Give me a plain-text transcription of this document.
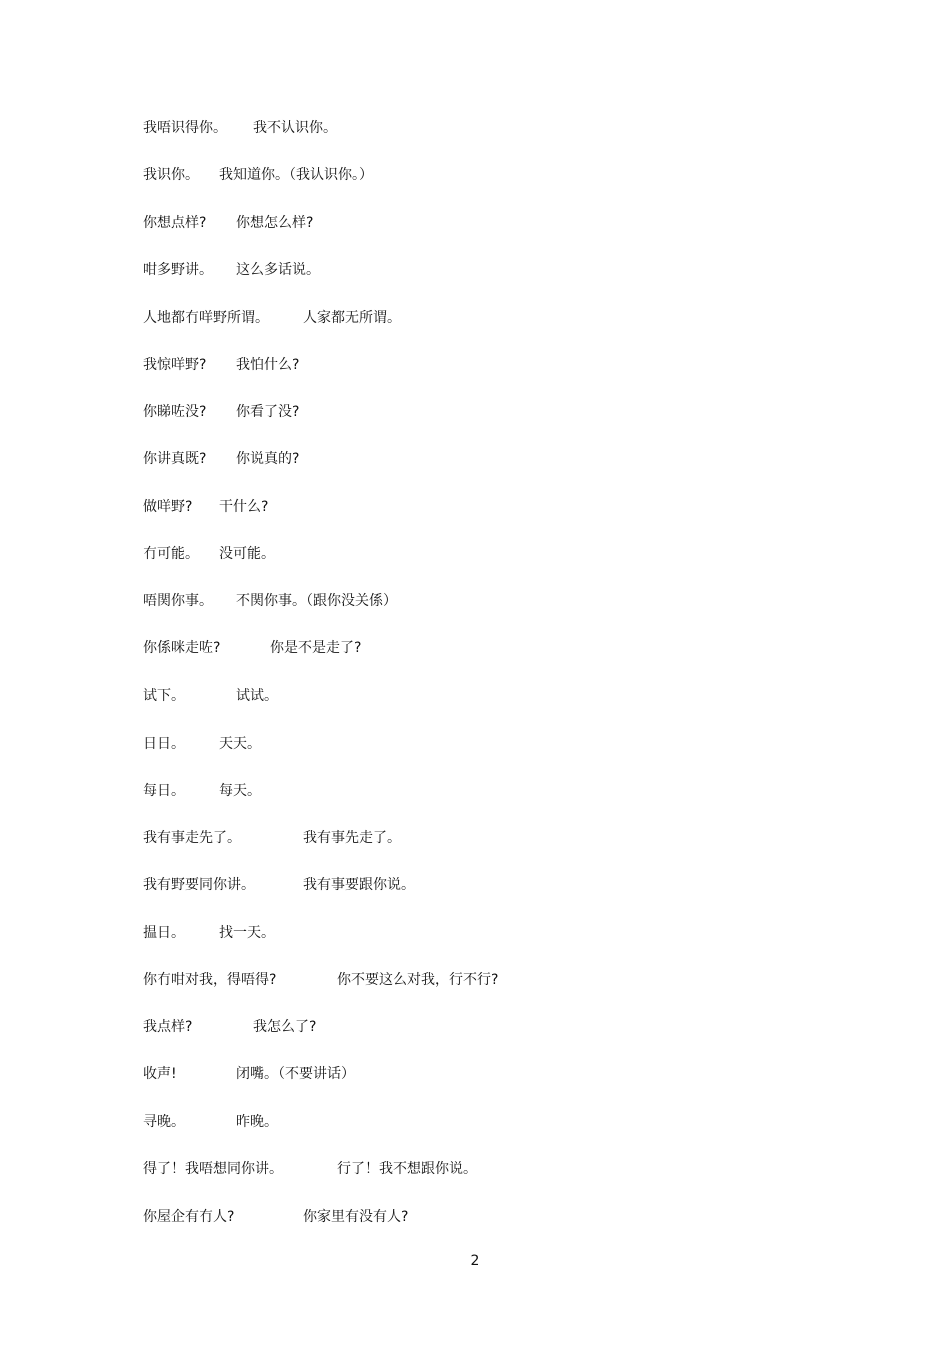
我唔识得你。 我不认识你。
我识你。 我知道你。（我认识你。）
你想点样? 你想怎么样?
咁多野讲。 这么多话说。
人地都冇咩野所谓。 人家都无所谓。
我惊咩野? 我怕什么?
你睇咗没? 你看了没?
你讲真既? 你说真的?
做咩野? 干什么?
冇可能。 没可能。
唔関你事。 不関你事。（跟你没关係）
你係咪走咗?	你是不是走了?
试下。	试试。
日日。 天天。
每日。 每天。
我有事走先了。	我有事先走了。
我有野要同你讲。	我有事要跟你说。
揾日。 找一天。
你冇咁对我，得唔得?	你不要这么对我，行不行?
我点样?	我怎么了?
收声!	闭嘴。（不要讲话）
寻晚。	昨晚。
得了！我唔想同你讲。	行了！我不想跟你说。
你屋企有冇人?	你家里有没有人?
2
